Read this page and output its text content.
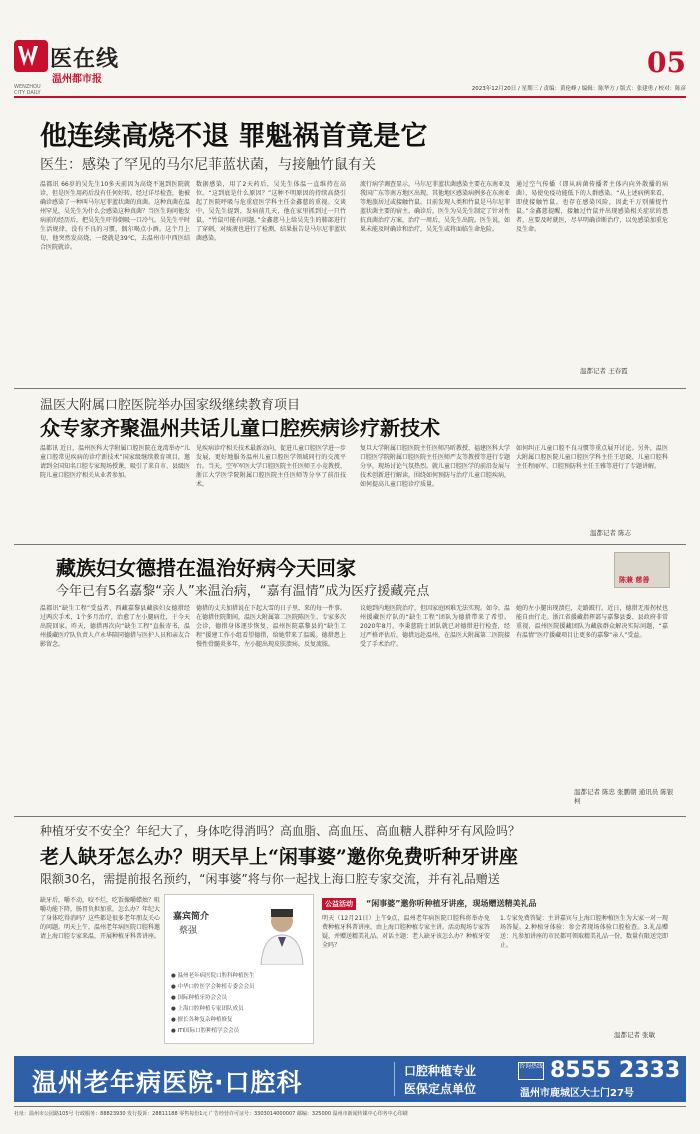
医在线
温州都市报
WENZHOU CITY DAILY
05
2023年12月20日 / 星期三 / 责编：黄伦峰 / 编辑：陈华方 / 版式：张建勇 / 校对：陈彦
他连续高烧不退 罪魁祸首竟是它
医生：感染了罕见的马尔尼菲蓝状菌，与接触竹鼠有关
温都讯 66岁的吴先生10多天前因为高烧不退到医院就诊，但是医生用药后没有任何好转，经过详尽检查，他被确诊感染了一种叫马尔尼菲蓝状菌的真菌。这种真菌在温州罕见，吴先生为什么会感染这种真菌？当医生询问他发病前的经历后，把吴先生吓得倒吸一口冷气。吴先生平时生活规律，没有不良的习惯，偶尔喝点小酒。这个月上旬，他突然发高烧，一烧就是39℃，去温州市中西医结合医院就诊。
数据感染，用了2天药后，吴先生体温一直维持在高位。“这到底是什么原因？”这种不明原因的持续高烧引起了医院呼吸与危重症医学科主任金鑫慈的重视。交谈中，吴先生提到，发病前几天，他在家里抓到过一只竹鼠，“竹鼠可能有问题。”金鑫慈马上给吴先生的肺部进行了穿刺，对痰液也进行了检测，结果报告是马尔尼菲蓝状菌感染。
流行病学调查显示，马尔尼菲蓝状菌感染主要在东南亚及我国广东等南方地区出现，其他地区感染病例多在东南亚等地旅居过或接触竹鼠。目前发现人类和竹鼠是马尔尼菲蓝状菌主要的宿主。确诊后，医生为吴先生制定了针对性抗真菌治疗方案，治疗一周后，吴先生出院。医生说，如果未能及时确诊和治疗，吴先生或将面临生命危险。
通过空气传播（即从病菌传播者主体内向外散播的病菌），易使免疫功能低下的人群感染。“从上述病例来看，即使接触竹鼠，也存在感染风险，因此千万别捕捉竹鼠。”金鑫慈提醒，接触过竹鼠并出现感染相关症状的患者，应要及时就医，尽早明确诊断治疗，以免感染加重危及生命。
温都记者 王春霞
温医大附属口腔医院举办国家级继续教育项目
众专家齐聚温州共话儿童口腔疾病诊疗新技术
温都讯 近日，温州医科大学附属口腔医院在龙湾举办“儿童口腔常见疾病的诊疗新技术”国家级继续教育项目，邀请到全国知名口腔专家现场授课，吸引了来自市、县级医院儿童口腔医疗相关从业者参加。
见疾病诊疗相关技术最新动向，促进儿童口腔医学进一步发展，更好地服务温州儿童口腔医学领域同行的交流平台。当天，空军军医大学口腔医院主任医师王小竞教授、浙江大学医学院附属口腔医院主任医师等分享了前沿技术。
复旦大学附属口腔医院主任医师冯昕教授、福建医科大学口腔医学院附属口腔医院主任医师严友等教授等进行专题分享，现场讨论气氛热烈。就儿童口腔医学的前沿发展与技术创新进行解读，围绕如何预防与治疗儿童口腔疾病，如何提高儿童口腔诊疗质量。
如何纠正儿童口腔不良习惯等重点展开讨论。另外，温医大附属口腔医院儿童口腔医学科主任王思晓、儿童口腔科主任程丽军、口腔预防科主任王雅等进行了专题讲解。
温都记者 陈志
藏族妇女德措在温治好病今天回家
今年已有5名嘉黎“亲人”来温治病，“嘉有温情”成为医疗援藏亮点
陈兼 慈善
温都讯“缺生工程”受益者、西藏嘉黎县藏族妇女德措经过两次手术，1个多月治疗，治愈了左小腿病灶，于今天出院回家。昨天，德措再次向“缺生工程”直报寄书，温州援藏医疗队负责人卢永华陪同德措与医护人员和亲友合影留念。
德措的丈夫加措说在下起大雪的日子里，来的每一件事。在德措住院期间，温医大附属第二医院陈医生、专家多次会诊，德措身体逐步恢复，温州医院嘉黎县的“缺生工程”援建工作小组看望德措，给她带来了温暖。德措患上慢性骨髓炎多年，左小腿出现皮肤溃疡，反复流脓。
议她到内地医院治疗，但因家庭困难无法实现。如今，温州援藏医疗队的“缺生工程”团队为德措带来了希望。2020年8月，李秉慈院士团队就已对德措进行检查，经过严格评估后，德措远赴温州，在温医大附属第二医院接受了手术治疗。
她的左小腿出现溃烂，走路跛行。近日，德措无需拐杖也能自由行走。浙江省援藏指挥部与嘉黎县委、县政府非常重视，温州医院援藏团队为藏族群众解决实际问题，“嘉有温情”医疗援藏项目让更多的嘉黎“亲人”受益。
温都记者 陈忠 张鹏朝 通讯员 陈银柯
种植牙安不安全？年纪大了，身体吃得消吗？高血脂、高血压、高血糖人群种牙有风险吗？
老人缺牙怎么办？明天早上“闲事婆”邀你免费听种牙讲座
限额30名，需提前报名预约，“闲事婆”将与你一起找上海口腔专家交流，并有礼品赠送
缺牙后，嚼不动，咬不烂，吃饭像嚼蜡烛？咀嚼功能下降，肠胃负担加重，怎么办？年纪大了身体吃得消吗？这些都是很多老年朋友关心的问题。明天上午，温州老年病医院口腔科邀请上海口腔专家来温，开展种植牙科普讲座。
嘉宾简介
蔡强
● 温州老年病医院口腔科种植医生
● 中华口腔医学会种植专委会会员
● 国际种植牙协会会员
● 上海口腔种植专家团队成员
● 擅长各种复杂种植修复
● ITI国际口腔种植学会会员
公益活动	“闲事婆”邀你听种植牙讲座，现场赠送精美礼品
明天（12月21日）上午9点，温州老年病医院口腔科将举办免费种植牙科普讲座，由上海口腔种植专家主讲。活动现场专家答疑，并赠送精美礼品。对话主题：老人缺牙该怎么办？种植牙安全吗？
1.专家免费答疑：主讲嘉宾与上海口腔种植医生为大家一对一现场答疑。2.种植牙体验：参会者现场体验口腔检查。3.礼品赠送：凡参加讲座的市民都可领取精美礼品一份，数量有限送完即止。
温都记者 张敏
温州老年病医院·口腔科	口腔种植专业
医保定点单位
咨询热线 8555 2333
温州市鹿城区大士门27号
社址：温州市公园路105号 行政服务：88823930 发行投诉：28811188 零售每份1元 广告经营许可证号：3303014000007 邮编：325000 温州市新闻传媒中心印务中心印刷
